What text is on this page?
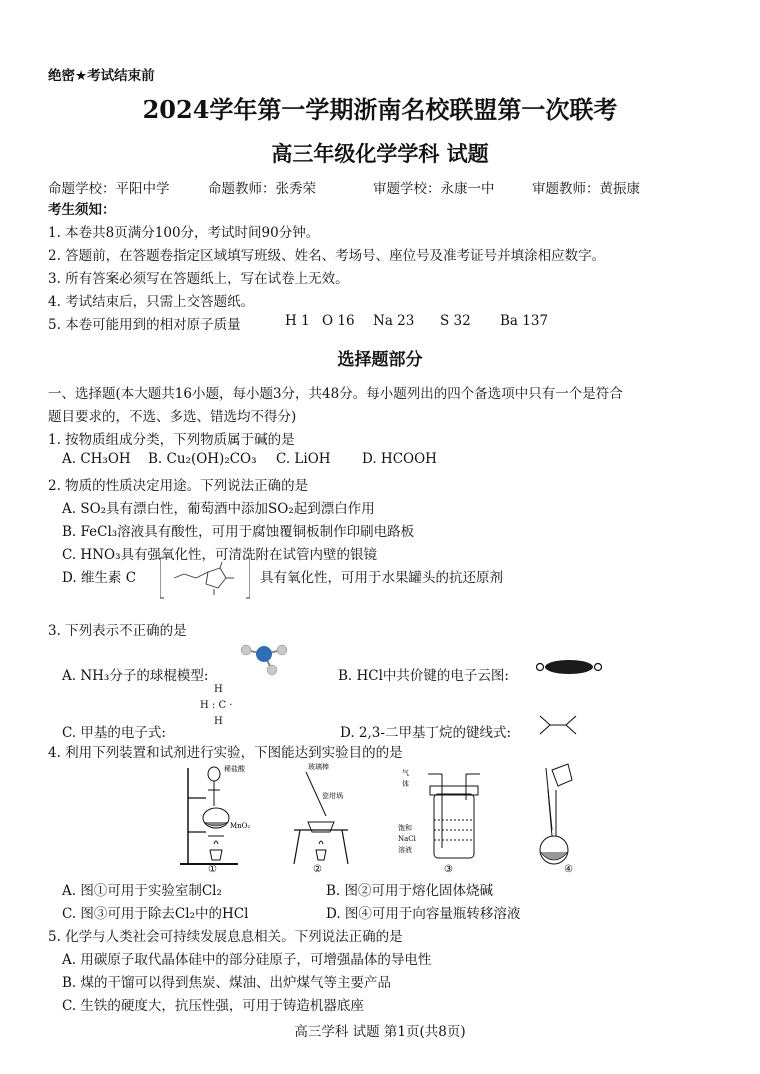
绝密★考试结束前
2024学年第一学期浙南名校联盟第一次联考
高三年级化学学科 试题
命题学校：平阳中学	命题教师：张秀荣	审题学校：永康一中	审题教师：黄振康
考生须知：
1. 本卷共8页满分100分，考试时间90分钟。
2. 答题前，在答题卷指定区域填写班级、姓名、考场号、座位号及准考证号并填涂相应数字。
3. 所有答案必须写在答题纸上，写在试卷上无效。
4. 考试结束后，只需上交答题纸。
5. 本卷可能用到的相对原子质量	H 1 O 16 Na 23 S 32 Ba 137
选择题部分
一、选择题(本大题共16小题，每小题3分，共48分。每小题列出的四个备选项中只有一个是符合
题目要求的，不选、多选、错选均不得分)
1. 按物质组成分类，下列物质属于碱的是
A. CH₃OH B. Cu₂(OH)₂CO₃ C. LiOH D. HCOOH
2. 物质的性质决定用途。下列说法正确的是
A. SO₂具有漂白性，葡萄酒中添加SO₂起到漂白作用
B. FeCl₃溶液具有酸性，可用于腐蚀覆铜板制作印刷电路板
C. HNO₃具有强氧化性，可清洗附在试管内壁的银镜
D. 维生素 C	具有氧化性，可用于水果罐头的抗还原剂
3. 下列表示不正确的是
A. NH₃分子的球棍模型:	B. HCl中共价键的电子云图:
H
H : C ·
H
C. 甲基的电子式:	D. 2,3-二甲基丁烷的键线式:
4. 利用下列装置和试剂进行实验，下图能达到实验目的的是
稀盐酸
MnO₂
①
玻璃棒
瓷坩埚
②
气
体
饱和
NaCl
溶液
③	④
A. 图①可用于实验室制Cl₂	B. 图②可用于熔化固体烧碱
C. 图③可用于除去Cl₂中的HCl	D. 图④可用于向容量瓶转移溶液
5. 化学与人类社会可持续发展息息相关。下列说法正确的是
A. 用碳原子取代晶体硅中的部分硅原子，可增强晶体的导电性
B. 煤的干馏可以得到焦炭、煤油、出炉煤气等主要产品
C. 生铁的硬度大，抗压性强，可用于铸造机器底座
高三学科 试题 第1页(共8页)
